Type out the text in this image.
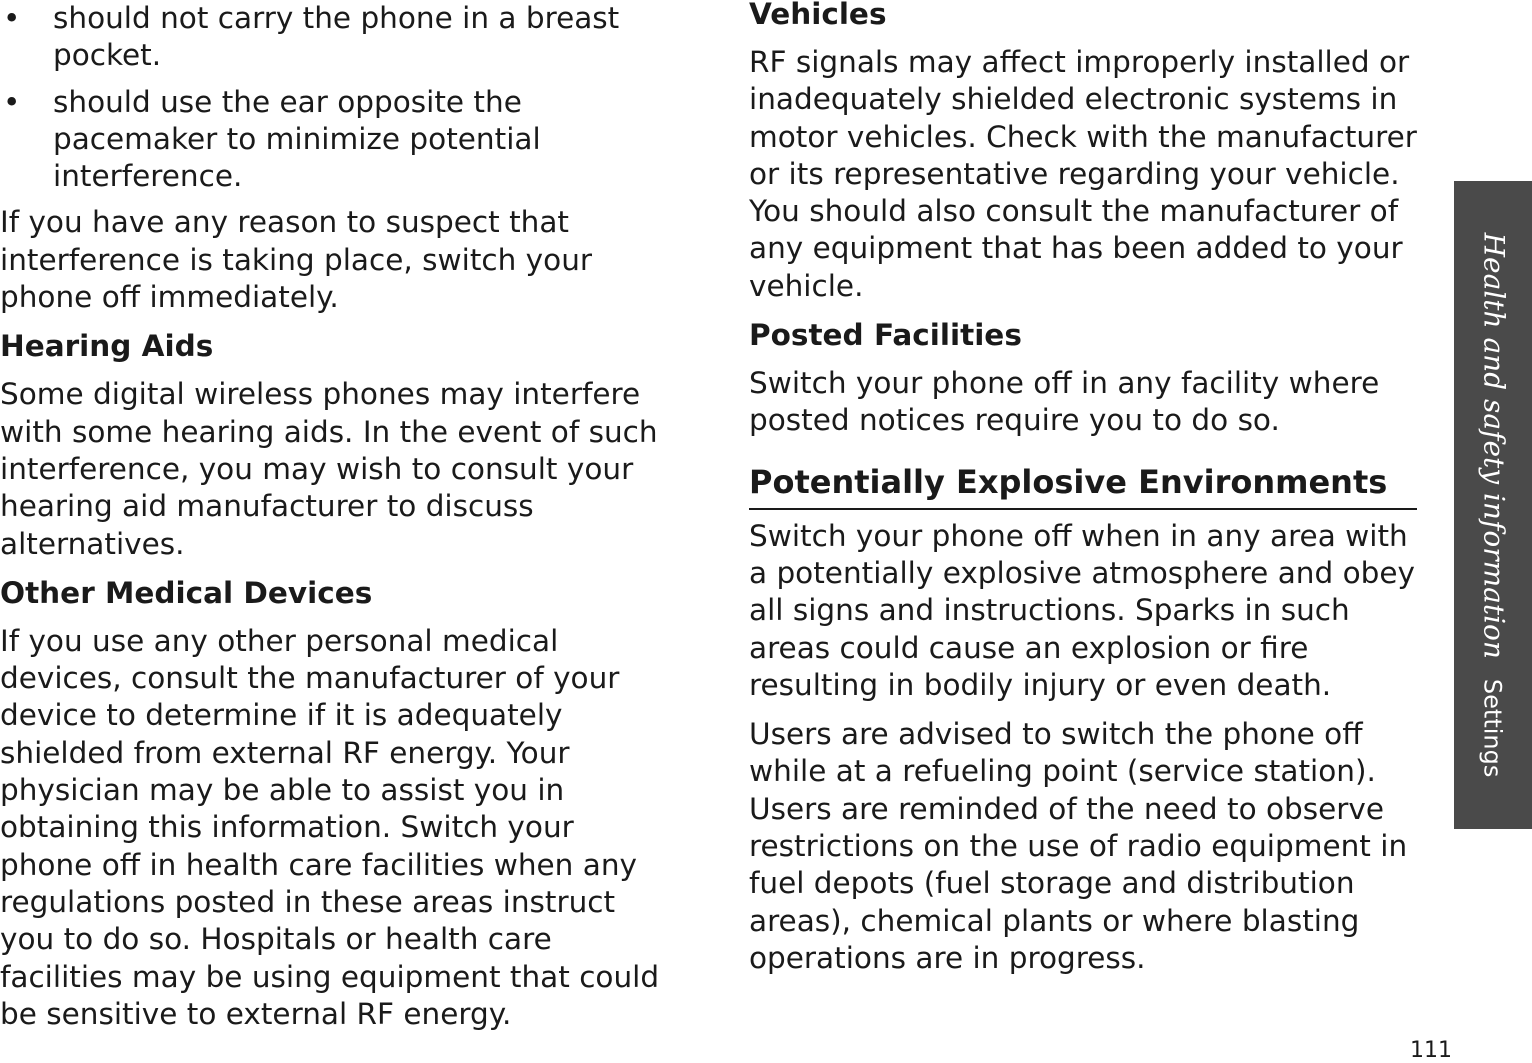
• should not carry the phone in a breast pocket.
• should use the ear opposite the pacemaker to minimize potential interference.

If you have any reason to suspect that interference is taking place, switch your phone off immediately.

Hearing Aids

Some digital wireless phones may interfere with some hearing aids. In the event of such interference, you may wish to consult your hearing aid manufacturer to discuss alternatives.

Other Medical Devices

If you use any other personal medical devices, consult the manufacturer of your device to determine if it is adequately shielded from external RF energy. Your physician may be able to assist you in obtaining this information. Switch your phone off in health care facilities when any regulations posted in these areas instruct you to do so. Hospitals or health care facilities may be using equipment that could be sensitive to external RF energy.

Vehicles

RF signals may affect improperly installed or inadequately shielded electronic systems in motor vehicles. Check with the manufacturer or its representative regarding your vehicle. You should also consult the manufacturer of any equipment that has been added to your vehicle.

Posted Facilities

Switch your phone off in any facility where posted notices require you to do so.

Potentially Explosive Environments

Switch your phone off when in any area with a potentially explosive atmosphere and obey all signs and instructions. Sparks in such areas could cause an explosion or fire resulting in bodily injury or even death.

Users are advised to switch the phone off while at a refueling point (service station). Users are reminded of the need to observe restrictions on the use of radio equipment in fuel depots (fuel storage and distribution areas), chemical plants or where blasting operations are in progress.

Health and safety informationSettings
111
